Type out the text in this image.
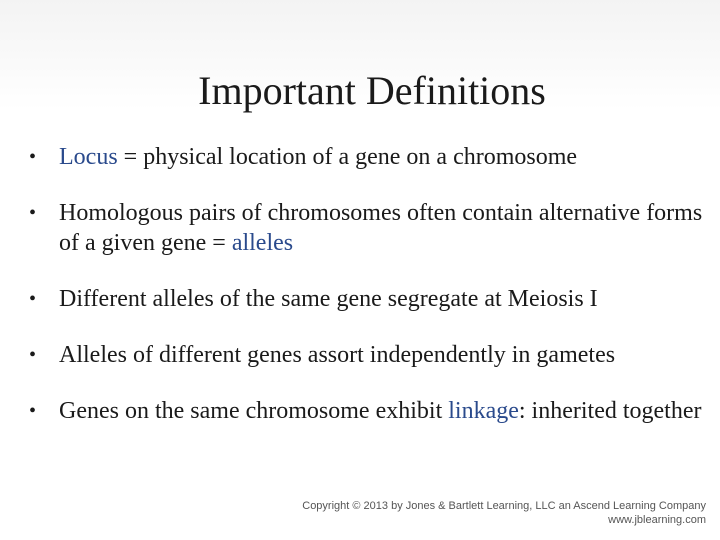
Important Definitions
• Locus = physical location of a gene on a chromosome
• Homologous pairs of chromosomes often contain alternative forms of a given gene = alleles
• Different alleles of the same gene segregate at Meiosis I
• Alleles of different genes assort independently in gametes
• Genes on the same chromosome exhibit linkage: inherited together
Copyright © 2013 by Jones & Bartlett Learning, LLC an Ascend Learning Company
www.jblearning.com
